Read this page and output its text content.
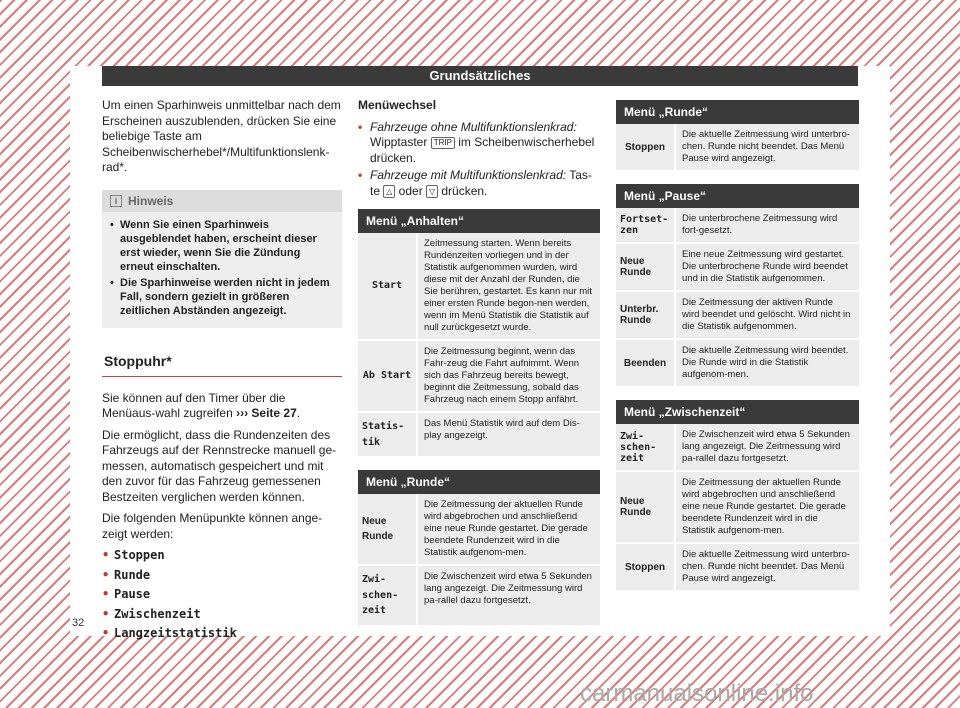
Grundsätzliches

Um einen Sparhinweis unmittelbar nach dem Erscheinen auszublenden, drücken Sie eine beliebige Taste am Scheibenwischerhebel*/Multifunktionslenk-rad*.

i Hinweis
• Wenn Sie einen Sparhinweis ausgeblendet haben, erscheint dieser erst wieder, wenn Sie die Zündung erneut einschalten.
• Die Sparhinweise werden nicht in jedem Fall, sondern gezielt in größeren zeitlichen Abständen angezeigt.
Stoppuhr*

Sie können auf den Timer über die Menüaus-wahl zugreifen ››› Seite 27.

Die ermöglicht, dass die Rundenzeiten des Fahrzeugs auf der Rennstrecke manuell ge-messen, automatisch gespeichert und mit den zuvor für das Fahrzeug gemessenen Bestzeiten verglichen werden können.

Die folgenden Menüpunkte können ange-zeigt werden:

• Stoppen
• Runde
• Pause
• Zwischenzeit
• Langzeitstatistik

Menüwechsel

• Fahrzeuge ohne Multifunktionslenkrad:
Wipptaster TRIP im Scheibenwischerhebel drücken.
• Fahrzeuge mit Multifunktionslenkrad: Tas-te △ oder ▽ drücken.
Menü „Anhalten“
Start
Zeitmessung starten. Wenn bereits Rundenzeiten vorliegen und in der Statistik aufgenommen wurden, wird diese mit der Anzahl der Runden, die Sie berühren, gestartet. Es kann nur mit einer ersten Runde begon-nen werden, wenn im Menü Statistik die Statistik auf null zurückgesetzt wurde.
Ab Start
Die Zeitmessung beginnt, wenn das Fahr-zeug die Fahrt aufnimmt. Wenn sich das Fahrzeug bereits bewegt, beginnt die Zeitmessung, sobald das Fahrzeug nach einem Stopp anfährt.
Statis-tik
Das Menü Statistik wird auf dem Dis-play angezeigt.
Menü „Runde“
Neue Runde
Die Zeitmessung der aktuellen Runde wird abgebrochen und anschließend eine neue Runde gestartet. Die gerade beendete Rundenzeit wird in die Statistik aufgenom-men.
Zwi-schen-zeit
Die Zwischenzeit wird etwa 5 Sekunden lang angezeigt. Die Zeitmessung wird pa-rallel dazu fortgesetzt.
Menü „Runde“
Stoppen
Die aktuelle Zeitmessung wird unterbro-chen. Runde nicht beendet. Das Menü Pause wird angezeigt.
Menü „Pause“
Fortset-zen
Die unterbrochene Zeitmessung wird fort-gesetzt.
Neue Runde
Eine neue Zeitmessung wird gestartet. Die unterbrochene Runde wird beendet und in die Statistik aufgenommen.
Unterbr. Runde
Die Zeitmessung der aktiven Runde wird beendet und gelöscht. Wird nicht in die Statistik aufgenommen.
Beenden
Die aktuelle Zeitmessung wird beendet. Die Runde wird in die Statistik aufgenom-men.
Menü „Zwischenzeit“
Zwi-schen-zeit
Die Zwischenzeit wird etwa 5 Sekunden lang angezeigt. Die Zeitmessung wird pa-rallel dazu fortgesetzt.
Neue Runde
Die Zeitmessung der aktuellen Runde wird abgebrochen und anschließend eine neue Runde gestartet. Die gerade beendete Rundenzeit wird in die Statistik aufgenom-men.
Stoppen
Die aktuelle Zeitmessung wird unterbro-chen. Runde nicht beendet. Das Menü Pause wird angezeigt.
32
carmanualsonline.info
